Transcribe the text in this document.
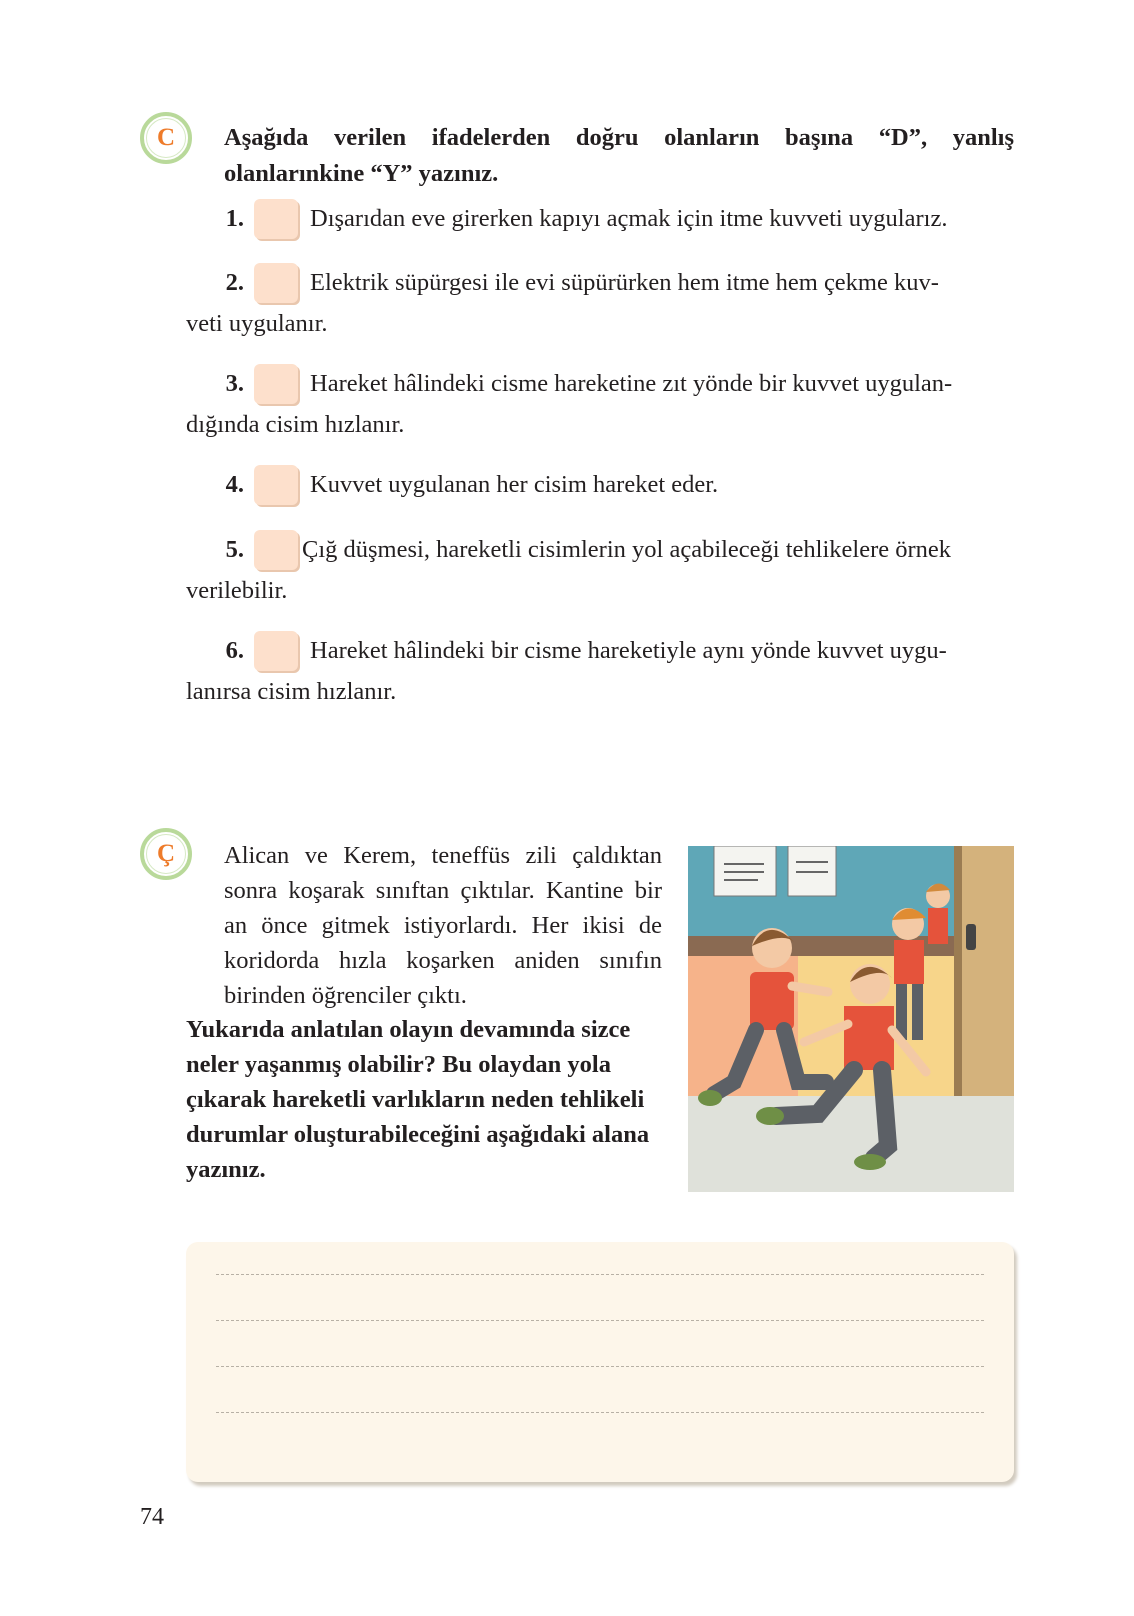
C	Aşağıda verilen ifadelerden doğru olanların başına “D”, yanlış olanlarınkine “Y” yazınız.
1.	Dışarıdan eve girerken kapıyı açmak için itme kuvveti uygularız.
2.	Elektrik süpürgesi ile evi süpürürken hem itme hem çekme kuv-
veti uygulanır.
3.	Hareket hâlindeki cisme hareketine zıt yönde bir kuvvet uygulan-
dığında cisim hızlanır.
4.	Kuvvet uygulanan her cisim hareket eder.
5. Çığ düşmesi, hareketli cisimlerin yol açabileceği tehlikelere örnek
verilebilir.
6.	Hareket hâlindeki bir cisme hareketiyle aynı yönde kuvvet uygu-
lanırsa cisim hızlanır.
Ç	Alican ve Kerem, teneffüs zili çaldıktan sonra koşarak sınıftan çıktılar. Kantine bir an önce gitmek istiyorlardı. Her ikisi de koridorda hızla koşarken aniden sınıfın birinden öğrenciler çıktı.
Yukarıda anlatılan olayın devamında sizce neler yaşanmış olabilir? Bu olaydan yola çıkarak hareketli varlıkların neden tehlikeli durumlar oluşturabileceğini aşağıdaki alana yazınız.
74
